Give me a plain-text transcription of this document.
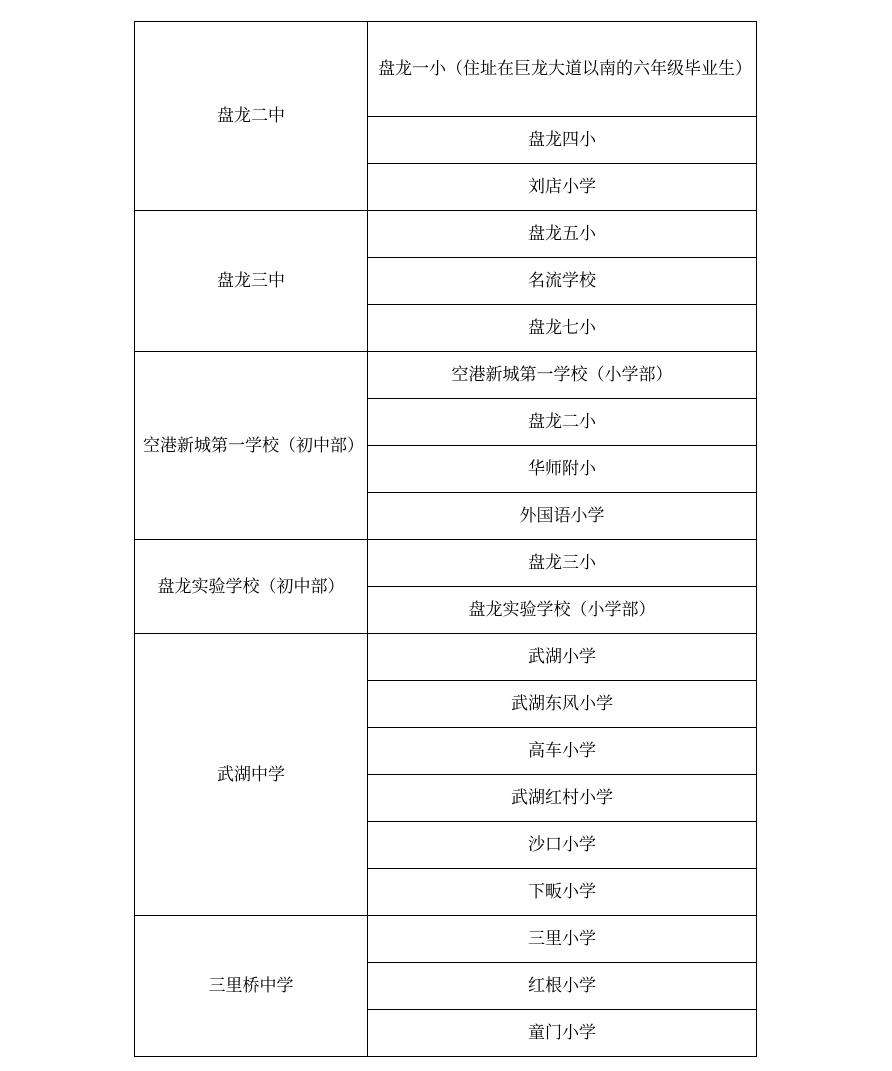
盘龙二中	盘龙一小（住址在巨龙大道以南的六年级毕业生）
	盘龙四小
	刘店小学
盘龙三中	盘龙五小
	名流学校
	盘龙七小
空港新城第一学校（初中部）	空港新城第一学校（小学部）
	盘龙二小
	华师附小
	外国语小学
盘龙实验学校（初中部）	盘龙三小
	盘龙实验学校（小学部）
武湖中学	武湖小学
	武湖东风小学
	高车小学
	武湖红村小学
	沙口小学
	下畈小学
三里桥中学	三里小学
	红根小学
	童门小学
